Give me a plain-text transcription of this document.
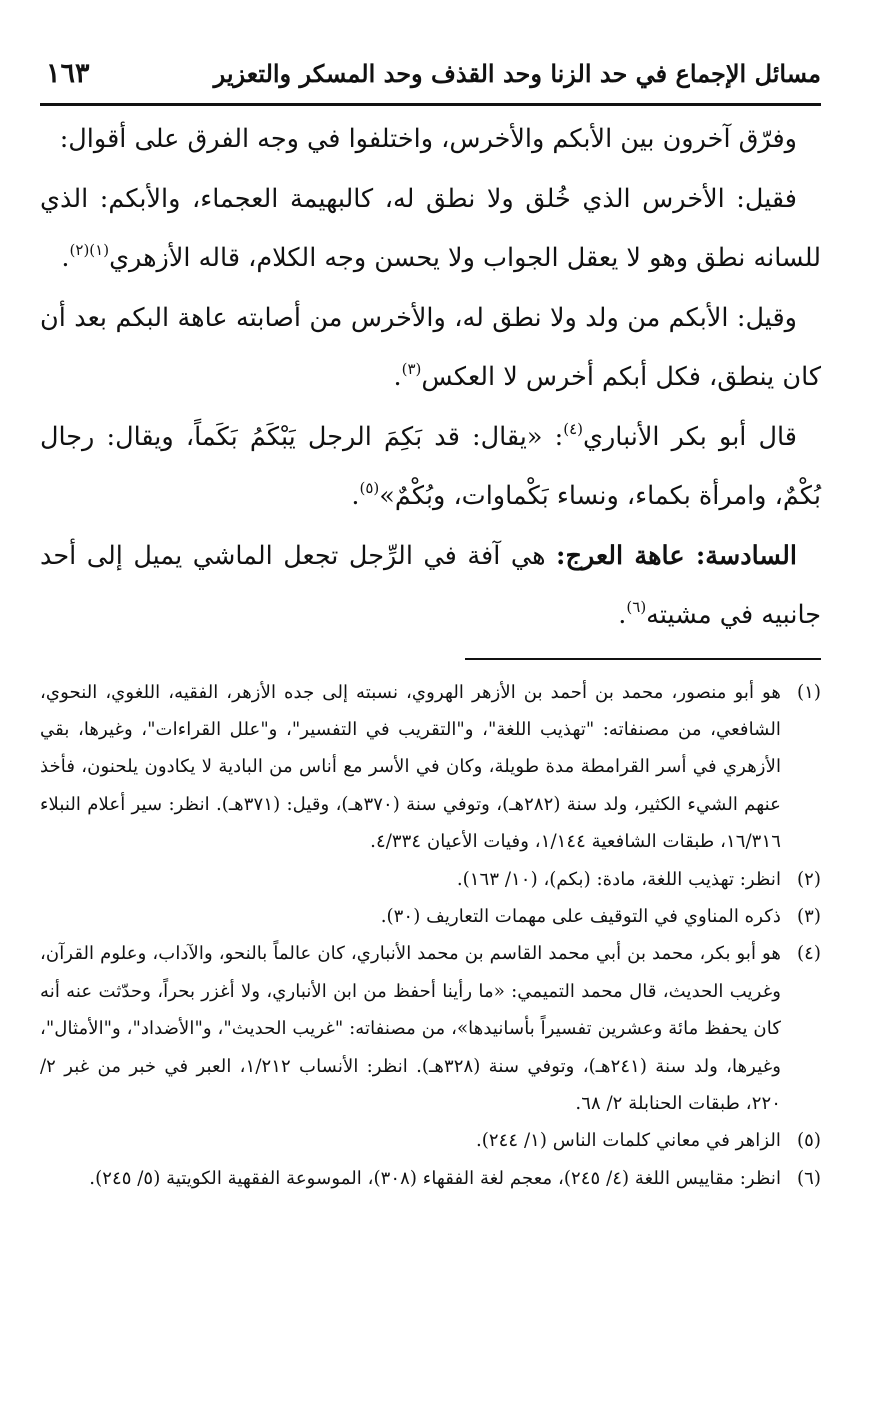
مسائل الإجماع في حد الزنا وحد القذف وحد المسكر والتعزير
١٦٣

وفرّق آخرون بين الأبكم والأخرس، واختلفوا في وجه الفرق على أقوال:

فقيل: الأخرس الذي خُلق ولا نطق له، كالبهيمة العجماء، والأبكم: الذي للسانه نطق وهو لا يعقل الجواب ولا يحسن وجه الكلام، قاله الأزهري$^{(١)(٢)}$.

وقيل: الأبكم من ولد ولا نطق له، والأخرس من أصابته عاهة البكم بعد أن كان ينطق، فكل أبكم أخرس لا العكس$^{(٣)}$.

قال أبو بكر الأنباري$^{(٤)}$: «يقال: قد بَكِمَ الرجل يَبْكَمُ بَكَماً، ويقال: رجال بُكْمٌ، وامرأة بكماء، ونساء بَكْماوات، وبُكْمٌ»$^{(٥)}$.

السادسة: عاهة العرج: هي آفة في الرِّجل تجعل الماشي يميل إلى أحد جانبيه في مشيته$^{(٦)}$.

(١)
هو أبو منصور، محمد بن أحمد بن الأزهر الهروي، نسبته إلى جده الأزهر، الفقيه، اللغوي، النحوي، الشافعي، من مصنفاته: "تهذيب اللغة"، و"التقريب في التفسير"، و"علل القراءات"، وغيرها، بقي الأزهري في أسر القرامطة مدة طويلة، وكان في الأسر مع أناس من البادية لا يكادون يلحنون، فأخذ عنهم الشيء الكثير، ولد سنة (٢٨٢هـ)، وتوفي سنة (٣٧٠هـ)، وقيل: (٣٧١هـ). انظر: سير أعلام النبلاء ١٦/٣١٦، طبقات الشافعية ١/١٤٤، وفيات الأعيان ٤/٣٣٤.
(٢)
انظر: تهذيب اللغة، مادة: (بكم)، (١٠/ ١٦٣).
(٣)
ذكره المناوي في التوقيف على مهمات التعاريف (٣٠).
(٤)
هو أبو بكر، محمد بن أبي محمد القاسم بن محمد الأنباري، كان عالماً بالنحو، والآداب، وعلوم القرآن، وغريب الحديث، قال محمد التميمي: «ما رأينا أحفظ من ابن الأنباري، ولا أغزر بحراً، وحدّثت عنه أنه كان يحفظ مائة وعشرين تفسيراً بأسانيدها»، من مصنفاته: "غريب الحديث"، و"الأضداد"، و"الأمثال"، وغيرها، ولد سنة (٢٤١هـ)، وتوفي سنة (٣٢٨هـ). انظر: الأنساب ١/٢١٢، العبر في خبر من غبر ٢/ ٢٢٠، طبقات الحنابلة ٢/ ٦٨.
(٥)
الزاهر في معاني كلمات الناس (١/ ٢٤٤).
(٦)
انظر: مقاييس اللغة (٤/ ٢٤٥)، معجم لغة الفقهاء (٣٠٨)، الموسوعة الفقهية الكويتية (٥/ ٢٤٥).
